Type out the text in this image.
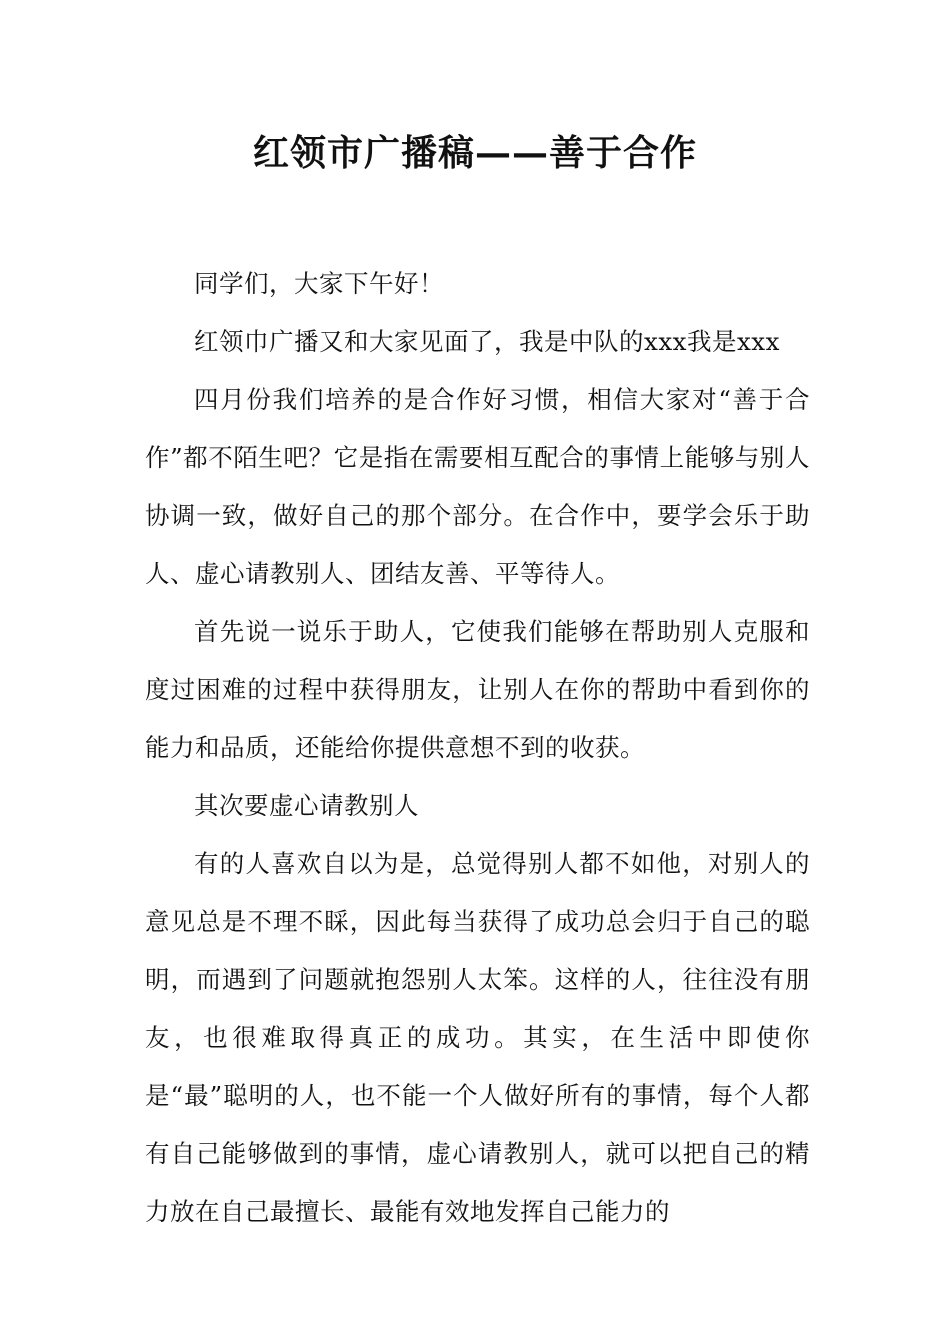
红领市广播稿——善于合作

同学们，大家下午好！

红领巾广播又和大家见面了，我是中队的xxx我是xxx

四月份我们培养的是合作好习惯，相信大家对“善于合作”都不陌生吧？它是指在需要相互配合的事情上能够与别人协调一致，做好自己的那个部分。在合作中，要学会乐于助人、虚心请教别人、团结友善、平等待人。

首先说一说乐于助人，它使我们能够在帮助别人克服和度过困难的过程中获得朋友，让别人在你的帮助中看到你的能力和品质，还能给你提供意想不到的收获。

其次要虚心请教别人

有的人喜欢自以为是，总觉得别人都不如他，对别人的意见总是不理不睬，因此每当获得了成功总会归于自己的聪明，而遇到了问题就抱怨别人太笨。这样的人，往往没有朋友，也很难取得真正的成功。其实，在生活中即使你是“最”聪明的人，也不能一个人做好所有的事情，每个人都有自己能够做到的事情，虚心请教别人，就可以把自己的精力放在自己最擅长、最能有效地发挥自己能力的
